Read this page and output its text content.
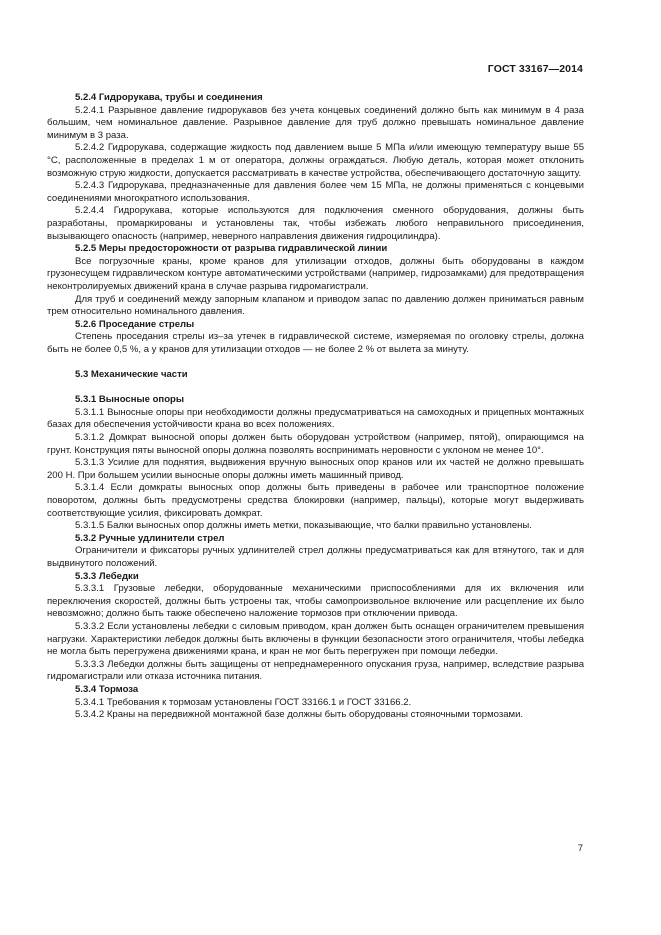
ГОСТ 33167—2014

5.2.4 Гидрорукава, трубы и соединения

5.2.4.1 Разрывное давление гидрорукавов без учета концевых соединений должно быть как минимум в 4 раза большим, чем номинальное давление. Разрывное давление для труб должно превышать номинальное давление минимум в 3 раза.

5.2.4.2 Гидрорукава, содержащие жидкость под давлением выше 5 МПа и/или имеющую температуру выше 55 °C, расположенные в пределах 1 м от оператора, должны ограждаться. Любую деталь, которая может отклонить возможную струю жидкости, допускается рассматривать в качестве устройства, обеспечивающего достаточную защиту.

5.2.4.3 Гидрорукава, предназначенные для давления более чем 15 МПа, не должны применяться с концевыми соединениями многократного использования.

5.2.4.4 Гидрорукава, которые используются для подключения сменного оборудования, должны быть разработаны, промаркированы и установлены так, чтобы избежать любого неправильного присоединения, вызывающего опасность (например, неверного направления движения гидроцилиндра).

5.2.5 Меры предосторожности от разрыва гидравлической линии

Все погрузочные краны, кроме кранов для утилизации отходов, должны быть оборудованы в каждом грузонесущем гидравлическом контуре автоматическими устройствами (например, гидрозамками) для предотвращения неконтролируемых движений крана в случае разрыва гидромагистрали.

Для труб и соединений между запорным клапаном и приводом запас по давлению должен приниматься равным трем относительно номинального давления.

5.2.6 Проседание стрелы

Степень проседания стрелы из–за утечек в гидравлической системе, измеряемая по оголовку стрелы, должна быть не более 0,5 %, а у кранов для утилизации отходов — не более 2 % от вылета за минуту.

5.3 Механические части

5.3.1 Выносные опоры

5.3.1.1 Выносные опоры при необходимости должны предусматриваться на самоходных и прицепных монтажных базах для обеспечения устойчивости крана во всех положениях.

5.3.1.2 Домкрат выносной опоры должен быть оборудован устройством (например, пятой), опирающимся на грунт. Конструкция пяты выносной опоры должна позволять воспринимать неровности с уклоном не менее 10°.

5.3.1.3 Усилие для поднятия, выдвижения вручную выносных опор кранов или их частей не должно превышать 200 Н. При большем усилии выносные опоры должны иметь машинный привод.

5.3.1.4 Если домкраты выносных опор должны быть приведены в рабочее или транспортное положение поворотом, должны быть предусмотрены средства блокировки (например, пальцы), которые могут выдерживать соответствующие усилия, фиксировать домкрат.

5.3.1.5 Балки выносных опор должны иметь метки, показывающие, что балки правильно установлены.

5.3.2 Ручные удлинители стрел

Ограничители и фиксаторы ручных удлинителей стрел должны предусматриваться как для втянутого, так и для выдвинутого положений.

5.3.3 Лебедки

5.3.3.1 Грузовые лебедки, оборудованные механическими приспособлениями для их включения или переключения скоростей, должны быть устроены так, чтобы самопроизвольное включение или расцепление их было невозможно; должно быть также обеспечено наложение тормозов при отключении привода.

5.3.3.2 Если установлены лебедки с силовым приводом, кран должен быть оснащен ограничителем превышения нагрузки. Характеристики лебедок должны быть включены в функции безопасности этого ограничителя, чтобы лебедка не могла быть перегружена движениями крана, и кран не мог быть перегружен при помощи лебедки.

5.3.3.3 Лебедки должны быть защищены от непреднамеренного опускания груза, например, вследствие разрыва гидромагистрали или отказа источника питания.

5.3.4 Тормоза

5.3.4.1 Требования к тормозам установлены ГОСТ 33166.1 и ГОСТ 33166.2.

5.3.4.2 Краны на передвижной монтажной базе должны быть оборудованы стояночными тормозами.

7
